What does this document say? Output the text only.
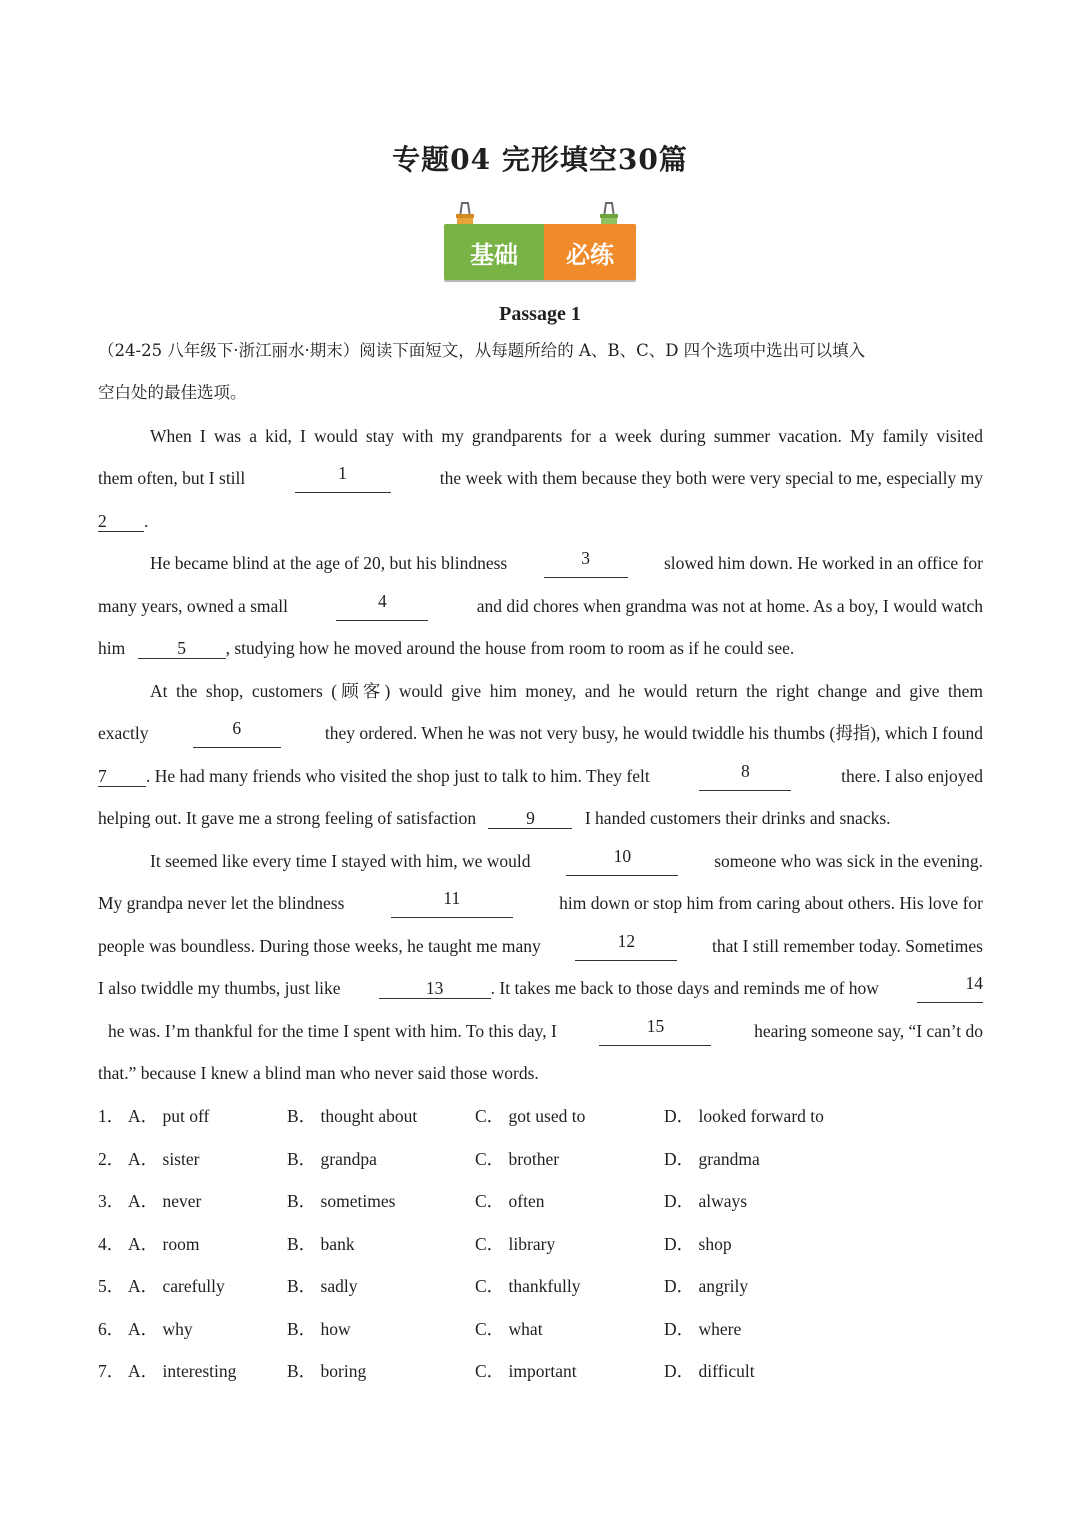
专题04 完形填空30篇
基础	必练
Passage 1
（24-25 八年级下·浙江丽水·期末）阅读下面短文，从每题所给的 A、B、C、D 四个选项中选出可以填入
空白处的最佳选项。
When I was a kid, I would stay with my grandparents for a week during summer vacation. My family visited
them often, but I still	1	the week with them because they both were very special to me, especially my
2 .
He became blind at the age of 20, but his blindness	3	slowed him down. He worked in an office for
many years, owned a small	4	and did chores when grandma was not at home. As a boy, I would watch
him	5 , studying how he moved around the house from room to room as if he could see.
At the shop, customers (顾客) would give him money, and he would return the right change and give them
exactly	6	they ordered. When he was not very busy, he would twiddle his thumbs (拇指), which I found
7 . He had many friends who visited the shop just to talk to him. They felt	8	there. I also enjoyed
helping out. It gave me a strong feeling of satisfaction	9	I handed customers their drinks and snacks.
It seemed like every time I stayed with him, we would	10	someone who was sick in the evening.
My grandpa never let the blindness	11	him down or stop him from caring about others. His love for
people was boundless. During those weeks, he taught me many	12	that I still remember today. Sometimes
I also twiddle my thumbs, just like	13	. It takes me back to those days and reminds me of how	14
he was. I’m thankful for the time I spent with him. To this day, I	15	hearing someone say, “I can’t do
that.” because I knew a blind man who never said those words.
1． A． put off	B． thought about	C． got used to	D． looked forward to
2． A． sister	B． grandpa	C． brother	D． grandma
3． A． never	B． sometimes	C． often	D． always
4． A． room	B． bank	C． library	D． shop
5． A． carefully	B． sadly	C． thankfully	D． angrily
6． A． why	B． how	C． what	D． where
7． A． interesting	B． boring	C． important	D． difficult
